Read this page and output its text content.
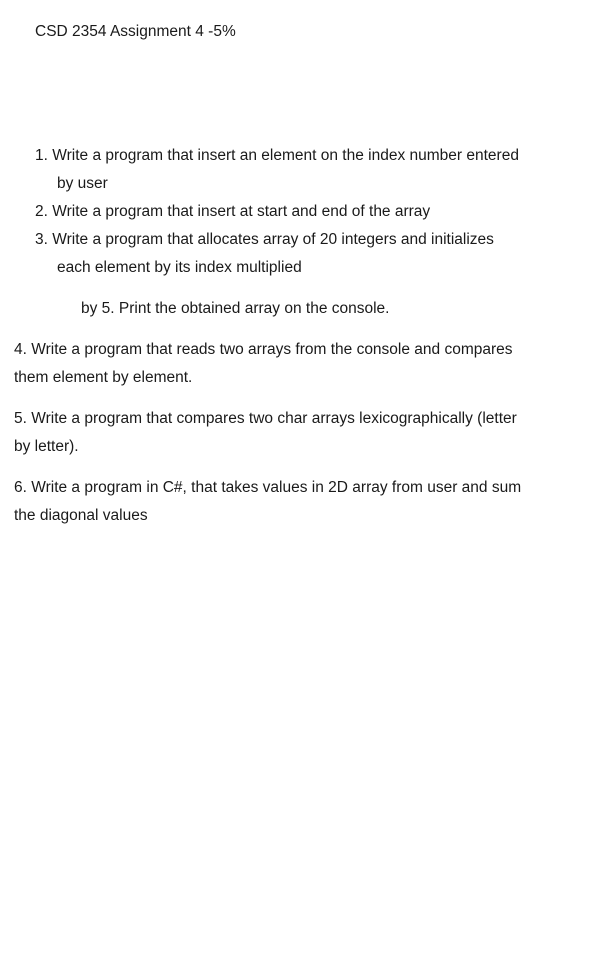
CSD 2354 Assignment 4 -5%
1. Write a program that insert an element on the index number entered
by user
2. Write a program that insert at start and end of the array
3. Write a program that allocates array of 20 integers and initializes
each element by its index multiplied
by 5. Print the obtained array on the console.
4. Write a program that reads two arrays from the console and compares
them element by element.
5. Write a program that compares two char arrays lexicographically (letter
by letter).
6. Write a program in C#, that takes values in 2D array from user and sum
the diagonal values
